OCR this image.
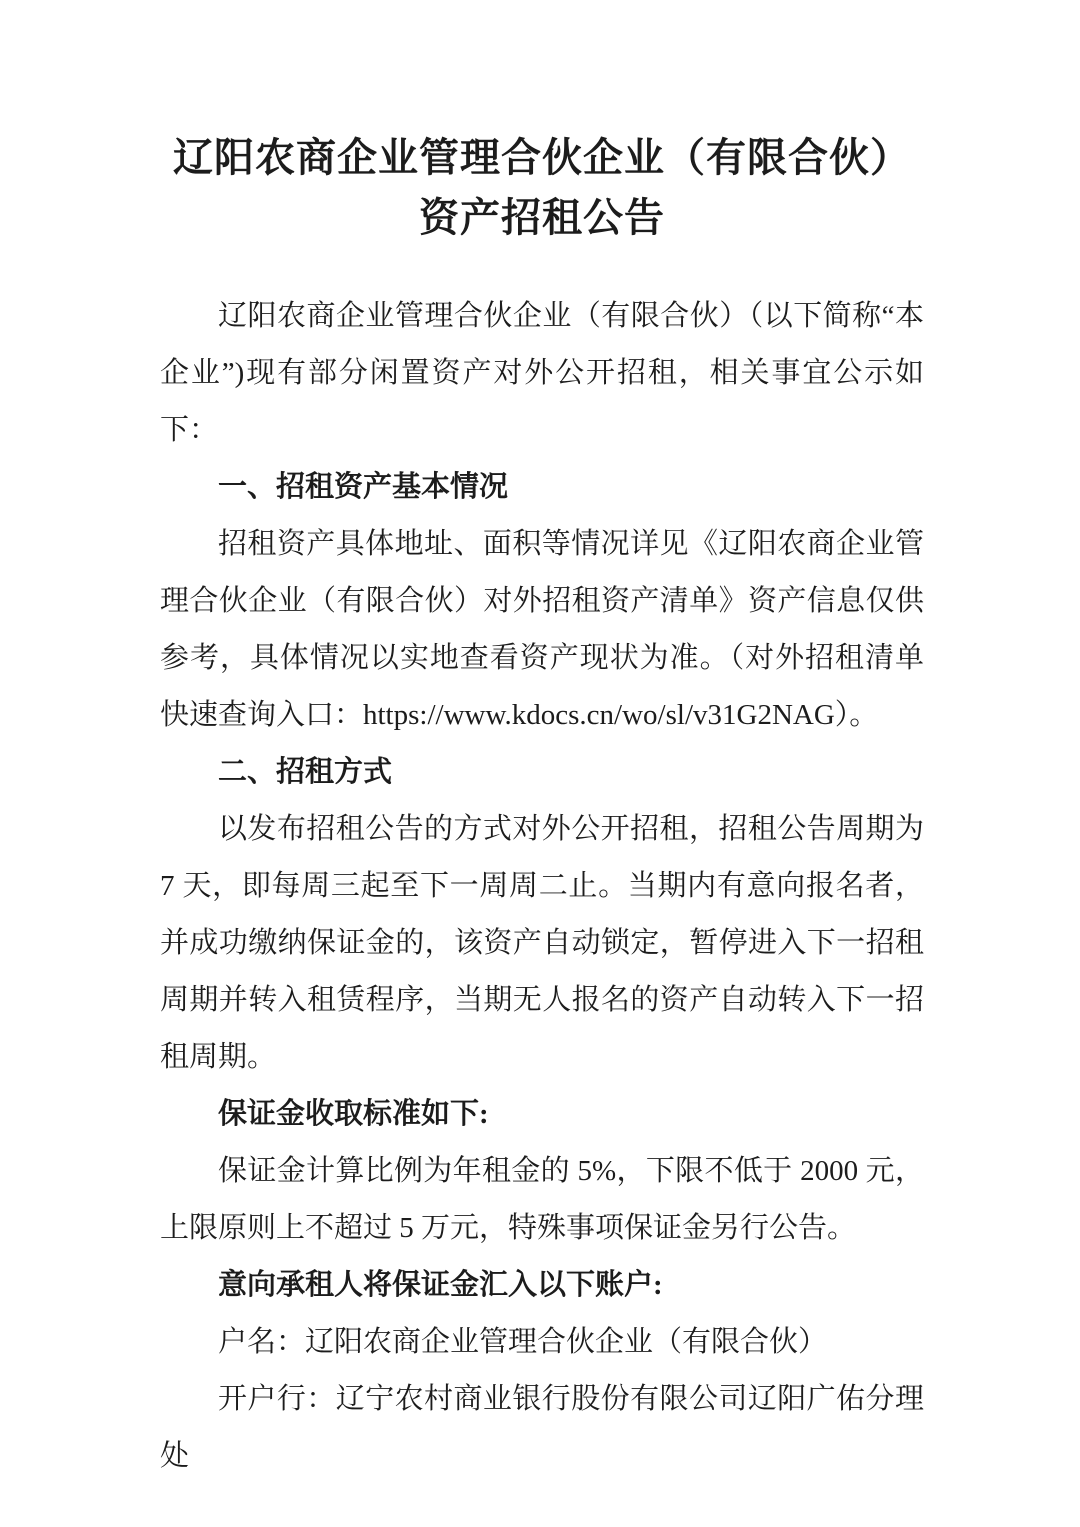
辽阳农商企业管理合伙企业（有限合伙）
资产招租公告

辽阳农商企业管理合伙企业（有限合伙）（以下简称“本企业”)现有部分闲置资产对外公开招租，相关事宜公示如下：

一、招租资产基本情况

招租资产具体地址、面积等情况详见《辽阳农商企业管理合伙企业（有限合伙）对外招租资产清单》资产信息仅供参考，具体情况以实地查看资产现状为准。（对外招租清单快速查询入口：https://www.kdocs.cn/wo/sl/v31G2NAG）。

二、招租方式

以发布招租公告的方式对外公开招租，招租公告周期为 7 天，即每周三起至下一周周二止。当期内有意向报名者，并成功缴纳保证金的，该资产自动锁定，暂停进入下一招租周期并转入租赁程序，当期无人报名的资产自动转入下一招租周期。

保证金收取标准如下:

保证金计算比例为年租金的 5%，下限不低于 2000 元，上限原则上不超过 5 万元，特殊事项保证金另行公告。

意向承租人将保证金汇入以下账户:

户名：辽阳农商企业管理合伙企业（有限合伙）

开户行：辽宁农村商业银行股份有限公司辽阳广佑分理处
